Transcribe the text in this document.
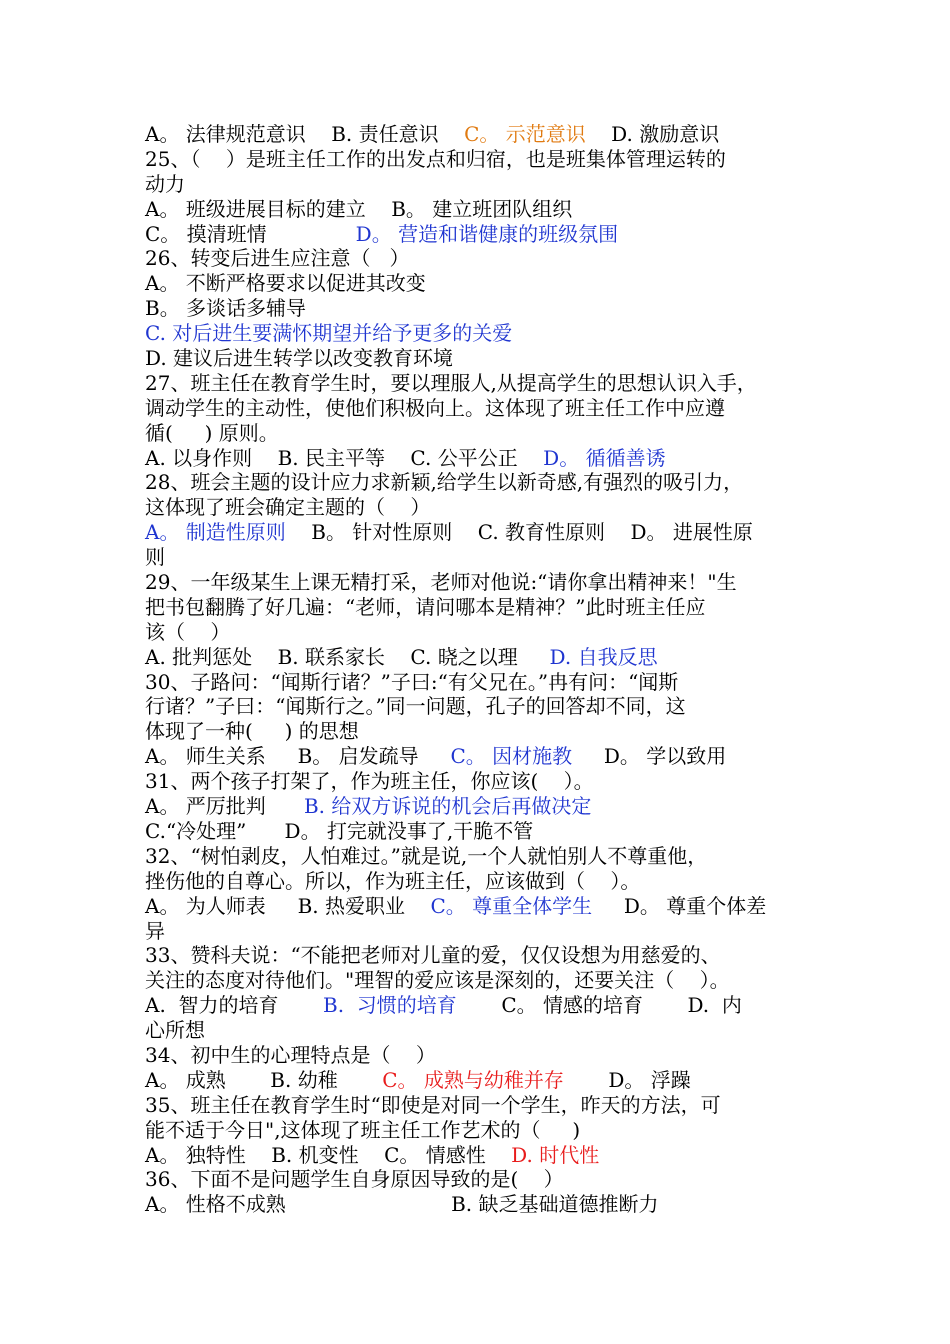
A。 法律规范意识    B. 责任意识    C。 示范意识    D. 激励意识
25、（    ）是班主任工作的出发点和归宿，也是班集体管理运转的
动力
A。 班级进展目标的建立    B。 建立班团队组织
C。 摸清班情              D。 营造和谐健康的班级氛围
26、转变后进生应注意（   ）
A。 不断严格要求以促进其改变
B。 多谈话多辅导
C. 对后进生要满怀期望并给予更多的关爱
D. 建议后进生转学以改变教育环境
27、班主任在教育学生时，要以理服人,从提高学生的思想认识入手，
调动学生的主动性，使他们积极向上。这体现了班主任工作中应遵
循(     ) 原则。
A. 以身作则    B. 民主平等    C. 公平公正    D。 循循善诱
28、班会主题的设计应力求新颖,给学生以新奇感,有强烈的吸引力，
这体现了班会确定主题的（    ）
A。 制造性原则    B。 针对性原则    C. 教育性原则    D。 进展性原
则
29、一年级某生上课无精打采，老师对他说:“请你拿出精神来！"生
把书包翻腾了好几遍：“老师，请问哪本是精神？”此时班主任应
该（    ）
A. 批判惩处    B. 联系家长    C. 晓之以理     D. 自我反思
30、子路问：“闻斯行诸？”子曰:“有父兄在。”冉有问：“闻斯
行诸？”子曰：“闻斯行之。”同一问题，孔子的回答却不同，这
体现了一种(     ) 的思想
A。 师生关系     B。 启发疏导     C。 因材施教     D。 学以致用
31、两个孩子打架了，作为班主任，你应该(    ）。
A。 严厉批判      B. 给双方诉说的机会后再做决定
C.“冷处理”      D。 打完就没事了,干脆不管
32、“树怕剥皮，人怕难过。”就是说,一个人就怕别人不尊重他，
挫伤他的自尊心。所以，作为班主任，应该做到（    ）。
A。 为人师表     B. 热爱职业    C。 尊重全体学生     D。 尊重个体差
异
33、赞科夫说：“不能把老师对儿童的爱，仅仅设想为用慈爱的、
关注的态度对待他们。"理智的爱应该是深刻的，还要关注（    ）。
A.  智力的培育       B.  习惯的培育       C。 情感的培育       D.  内
心所想
34、初中生的心理特点是（    ）
A。 成熟       B. 幼稚       C。 成熟与幼稚并存       D。 浮躁
35、班主任在教育学生时“即使是对同一个学生，昨天的方法，可
能不适于今日",这体现了班主任工作艺术的（     )
A。 独特性    B. 机变性    C。 情感性    D. 时代性
36、下面不是问题学生自身原因导致的是(    ）
A。 性格不成熟                          B. 缺乏基础道德推断力
